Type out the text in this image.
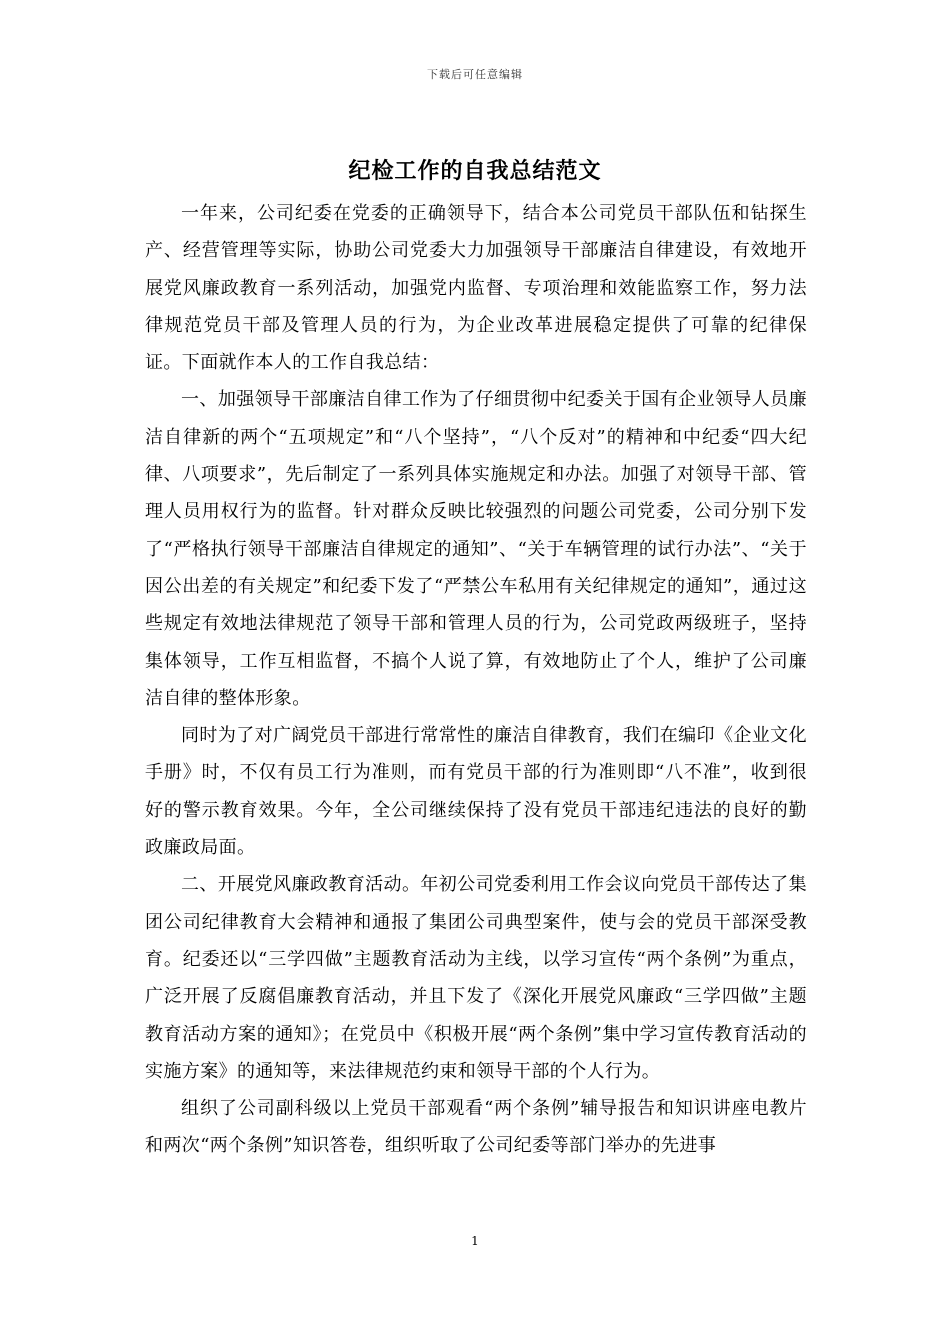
下载后可任意编辑
纪检工作的自我总结范文

一年来，公司纪委在党委的正确领导下，结合本公司党员干部队伍和钻探生产、经营管理等实际，协助公司党委大力加强领导干部廉洁自律建设，有效地开展党风廉政教育一系列活动，加强党内监督、专项治理和效能监察工作，努力法律规范党员干部及管理人员的行为，为企业改革进展稳定提供了可靠的纪律保证。下面就作本人的工作自我总结：

一、加强领导干部廉洁自律工作为了仔细贯彻中纪委关于国有企业领导人员廉洁自律新的两个“五项规定”和“八个坚持”，“八个反对”的精神和中纪委“四大纪律、八项要求”，先后制定了一系列具体实施规定和办法。加强了对领导干部、管理人员用权行为的监督。针对群众反映比较强烈的问题公司党委，公司分别下发了“严格执行领导干部廉洁自律规定的通知”、“关于车辆管理的试行办法”、“关于因公出差的有关规定”和纪委下发了“严禁公车私用有关纪律规定的通知”，通过这些规定有效地法律规范了领导干部和管理人员的行为，公司党政两级班子，坚持集体领导，工作互相监督，不搞个人说了算，有效地防止了个人，维护了公司廉洁自律的整体形象。

同时为了对广阔党员干部进行常常性的廉洁自律教育，我们在编印《企业文化手册》时，不仅有员工行为准则，而有党员干部的行为准则即“八不准”，收到很好的警示教育效果。今年，全公司继续保持了没有党员干部违纪违法的良好的勤政廉政局面。

二、开展党风廉政教育活动。年初公司党委利用工作会议向党员干部传达了集团公司纪律教育大会精神和通报了集团公司典型案件，使与会的党员干部深受教育。纪委还以“三学四做”主题教育活动为主线，以学习宣传“两个条例”为重点，广泛开展了反腐倡廉教育活动，并且下发了《深化开展党风廉政“三学四做”主题教育活动方案的通知》；在党员中《积极开展“两个条例”集中学习宣传教育活动的实施方案》的通知等，来法律规范约束和领导干部的个人行为。

组织了公司副科级以上党员干部观看“两个条例”辅导报告和知识讲座电教片和两次“两个条例”知识答卷，组织听取了公司纪委等部门举办的先进事

1
